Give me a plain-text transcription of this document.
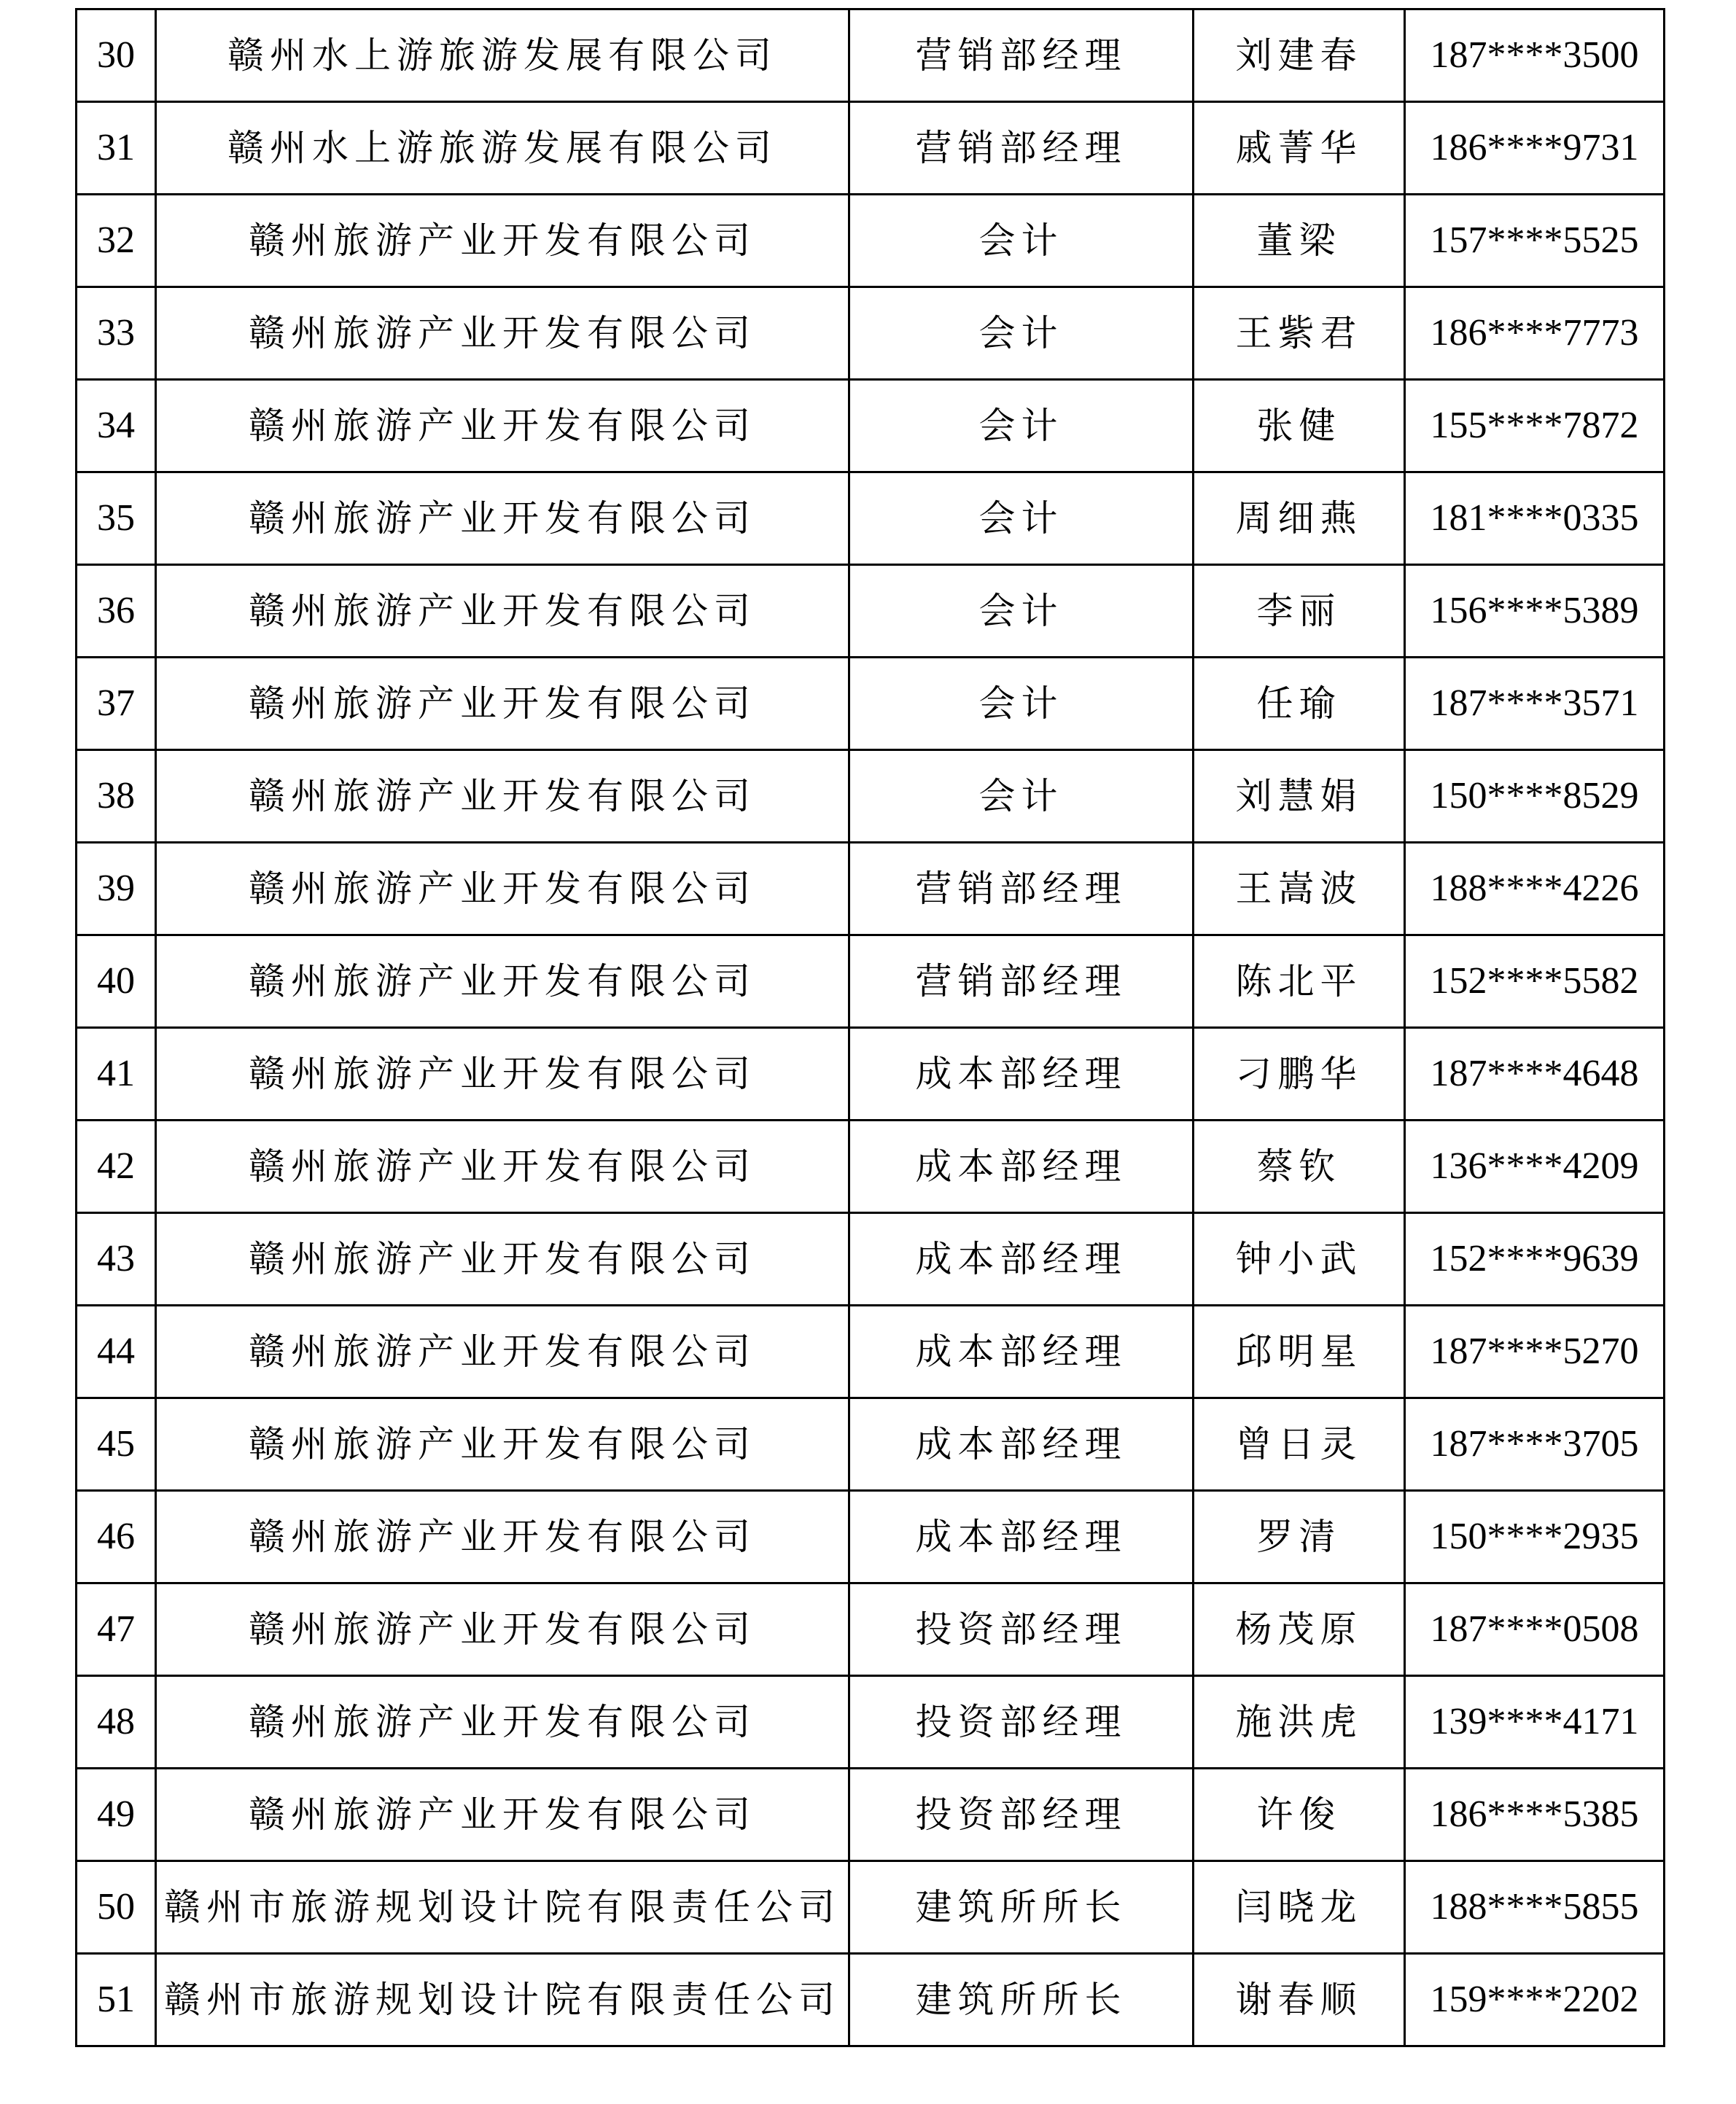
30	赣州水上游旅游发展有限公司	营销部经理	刘建春	187****3500
31	赣州水上游旅游发展有限公司	营销部经理	戚菁华	186****9731
32	赣州旅游产业开发有限公司	会计	董梁	157****5525
33	赣州旅游产业开发有限公司	会计	王紫君	186****7773
34	赣州旅游产业开发有限公司	会计	张健	155****7872
35	赣州旅游产业开发有限公司	会计	周细燕	181****0335
36	赣州旅游产业开发有限公司	会计	李丽	156****5389
37	赣州旅游产业开发有限公司	会计	任瑜	187****3571
38	赣州旅游产业开发有限公司	会计	刘慧娟	150****8529
39	赣州旅游产业开发有限公司	营销部经理	王嵩波	188****4226
40	赣州旅游产业开发有限公司	营销部经理	陈北平	152****5582
41	赣州旅游产业开发有限公司	成本部经理	刁鹏华	187****4648
42	赣州旅游产业开发有限公司	成本部经理	蔡钦	136****4209
43	赣州旅游产业开发有限公司	成本部经理	钟小武	152****9639
44	赣州旅游产业开发有限公司	成本部经理	邱明星	187****5270
45	赣州旅游产业开发有限公司	成本部经理	曾日灵	187****3705
46	赣州旅游产业开发有限公司	成本部经理	罗清	150****2935
47	赣州旅游产业开发有限公司	投资部经理	杨茂原	187****0508
48	赣州旅游产业开发有限公司	投资部经理	施洪虎	139****4171
49	赣州旅游产业开发有限公司	投资部经理	许俊	186****5385
50	赣州市旅游规划设计院有限责任公司	建筑所所长	闫晓龙	188****5855
51	赣州市旅游规划设计院有限责任公司	建筑所所长	谢春顺	159****2202
